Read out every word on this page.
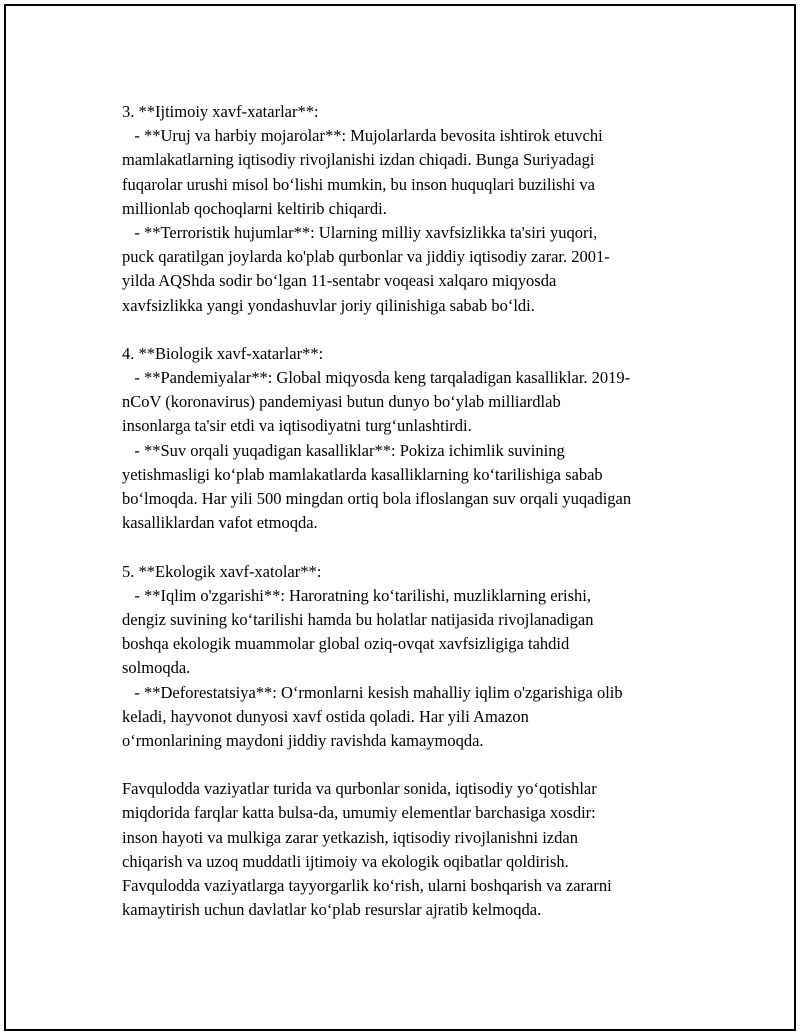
3. **Ijtimoiy xavf-xatarlar**:
- **Uruj va harbiy mojarolar**: Mujolarlarda bevosita ishtirok etuvchi
mamlakatlarning iqtisodiy rivojlanishi izdan chiqadi. Bunga Suriyadagi
fuqarolar urushi misol boʻlishi mumkin, bu inson huquqlari buzilishi va
millionlab qochoqlarni keltirib chiqardi.
- **Terroristik hujumlar**: Ularning milliy xavfsizlikka ta'siri yuqori,
puck qaratilgan joylarda ko'plab qurbonlar va jiddiy iqtisodiy zarar. 2001-
yilda AQShda sodir boʻlgan 11-sentabr voqeasi xalqaro miqyosda
xavfsizlikka yangi yondashuvlar joriy qilinishiga sabab boʻldi.
4. **Biologik xavf-xatarlar**:
- **Pandemiyalar**: Global miqyosda keng tarqaladigan kasalliklar. 2019-
nCoV (koronavirus) pandemiyasi butun dunyo boʻylab milliardlab
insonlarga ta'sir etdi va iqtisodiyatni turgʻunlashtirdi.
- **Suv orqali yuqadigan kasalliklar**: Pokiza ichimlik suvining
yetishmasligi koʻplab mamlakatlarda kasalliklarning koʻtarilishiga sabab
boʻlmoqda. Har yili 500 mingdan ortiq bola ifloslangan suv orqali yuqadigan
kasalliklardan vafot etmoqda.
5. **Ekologik xavf-xatolar**:
- **Iqlim o'zgarishi**: Haroratning koʻtarilishi, muzliklarning erishi,
dengiz suvining koʻtarilishi hamda bu holatlar natijasida rivojlanadigan
boshqa ekologik muammolar global oziq-ovqat xavfsizligiga tahdid
solmoqda.
- **Deforestatsiya**: Oʻrmonlarni kesish mahalliy iqlim o'zgarishiga olib
keladi, hayvonot dunyosi xavf ostida qoladi. Har yili Amazon
oʻrmonlarining maydoni jiddiy ravishda kamaymoqda.
Favqulodda vaziyatlar turida va qurbonlar sonida, iqtisodiy yoʻqotishlar
miqdorida farqlar katta bulsa-da, umumiy elementlar barchasiga xosdir:
inson hayoti va mulkiga zarar yetkazish, iqtisodiy rivojlanishni izdan
chiqarish va uzoq muddatli ijtimoiy va ekologik oqibatlar qoldirish.
Favqulodda vaziyatlarga tayyorgarlik koʻrish, ularni boshqarish va zararni
kamaytirish uchun davlatlar koʻplab resurslar ajratib kelmoqda.
